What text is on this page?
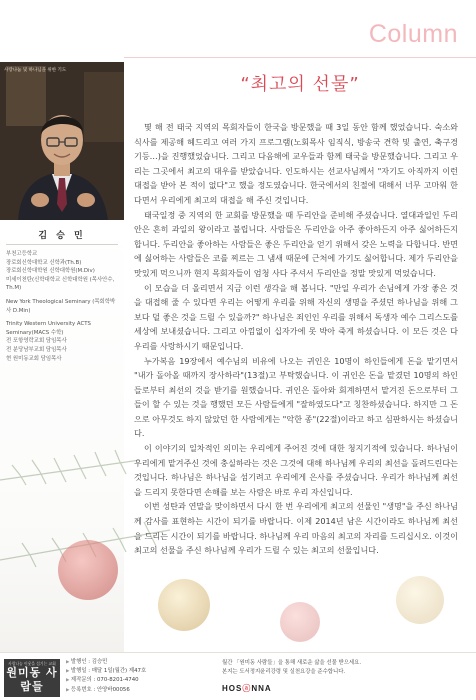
Column
사랑나눔 및 하나님을 위한 기도
김 승 민
부천고등학교
장로회신학대학교 신학과(Th.B)
장로회신학대학원 신학대학원(M.Div)
미세이천탄(신학대학교 신학대학원 (목사안수, Th.M)
New York Theological Seminary (목회학박사 D.Min)
Trinity Western University ACTS Seminary(MACS 수학)
전 포항영락교회 담임목사
전 분당남부교회 담임목사
현 원미동교회 담임목사
“최고의 선물”

몇 해 전 태국 지역의 목회자들이 한국을 방문했을 때 3일 동안 함께 했었습니다. 숙소와 식사를 제공해 헤드리고 여러 가지 프로그램(노회목사 임직식, 방송국 견학 및 출연, 축구경기등…)을 진행했었습니다. 그리고 다음해에 교우들과 함께 태국을 방문했습니다. 그리고 우리는 그곳에서 최고의 대우를 받았습니다. 인도하시는 선교사님께서 "자기도 아직까지 이런 대접을 받아 본 적이 없다"고 했을 정도였습니다. 한국에서의 친절에 대해서 너무 고마워 한다면서 우리에게 최고의 대접을 해 주신 것입니다.

태국일정 중 지역의 한 교회를 방문했을 때 두리안을 준비해 주셨습니다. 열대과일인 두리안은 흔히 과일의 왕이라고 불립니다. 사람들은 두리안을 아주 좋아하든지 아주 싫어하든지 합니다. 두리안을 좋아하는 사람들은 좋은 두리안을 얻기 위해서 갖은 노력을 다합니다. 반면에 싫어하는 사람들은 코를 찌르는 그 냄새 때문에 근처에 가기도 싫어합니다. 제가 두리안을 맛있게 먹으니까 현지 목회자들이 엄청 사다 주셔서 두리안을 정말 맛있게 먹었습니다.

이 모습을 더 올리면서 지금 이런 생각을 해 봅니다. "만일 우리가 손님에게 가장 좋은 것을 대접해 줄 수 있다면 우리는 어떻게 우리를 위해 자신의 생명을 주셨던 하나님을 위해 그보다 덜 좋은 것을 드릴 수 있을까?" 하나님은 죄인인 우리를 위해서 독생자 예수 그리스도를 세상에 보내셨습니다. 그리고 아낌없이 십자가에 못 박아 죽게 하셨습니다. 이 모든 것은 다 우리를 사랑하시기 때문입니다.

누가복음 19장에서 예수님의 비유에 나오는 귀인은 10명이 하인들에게 돈을 맡기면서 "내가 돌아올 때까지 장사하라"(13절)고 부탁했습니다. 이 귀인은 돈을 맡겼던 10명의 하인들로부터 최선의 것을 받기를 원했습니다. 귀인은 돌아와 회계하면서 맡겨진 돈으로부터 그들이 할 수 있는 것을 행했던 모든 사람들에게 "잘하였도다"고 칭찬하셨습니다. 하지만 그 돈으로 아무것도 하지 않았던 한 사람에게는 "악한 종"(22절)이라고 하고 심판하시는 하셨습니다.

이 이야기의 일차적인 의미는 우리에게 주어진 것에 대한 청지기적에 있습니다. 하나님이 우리에게 맡겨주신 것에 충실하라는 것은 그것에 대해 하나님께 우리의 최선을 돌려드린다는 것입니다. 하나님은 하나님을 섬기려고 우리에게 은사를 주셨습니다. 우리가 하나님께 최선을 드리지 못한다면 손해를 보는 사람은 바로 우리 자신입니다.

이번 성탄과 연말을 맞이하면서 다시 한 번 우리에게 최고의 선물인 "생명"을 주신 하나님께 감사를 표현하는 시간이 되기를 바랍니다. 이제 2014년 남은 시간이라도 하나님께 최선을 드리는 시간이 되기를 바랍니다. 하나님께 우리 마음의 최고의 자리를 드리십시오. 이것이 최고의 선물을 주신 하나님께 우리가 드릴 수 있는 최고의 선물입니다.

사랑나눔 이웃을 섬기는 교회
원미동 사람들
▶ 발행인 : 김승민
▶ 발행일 : 매달 1일(월간) 제47호
▶ 제작문의 : 070-8201-4740
▶ 등록번호 : 안양바00056
월간 「원미동 사람들」을 통해 새로운 삶을 선물 받으세요.
본지는 도서정지윤리강령 및 실천요강을 준수합니다.
HOSⓐNNA
